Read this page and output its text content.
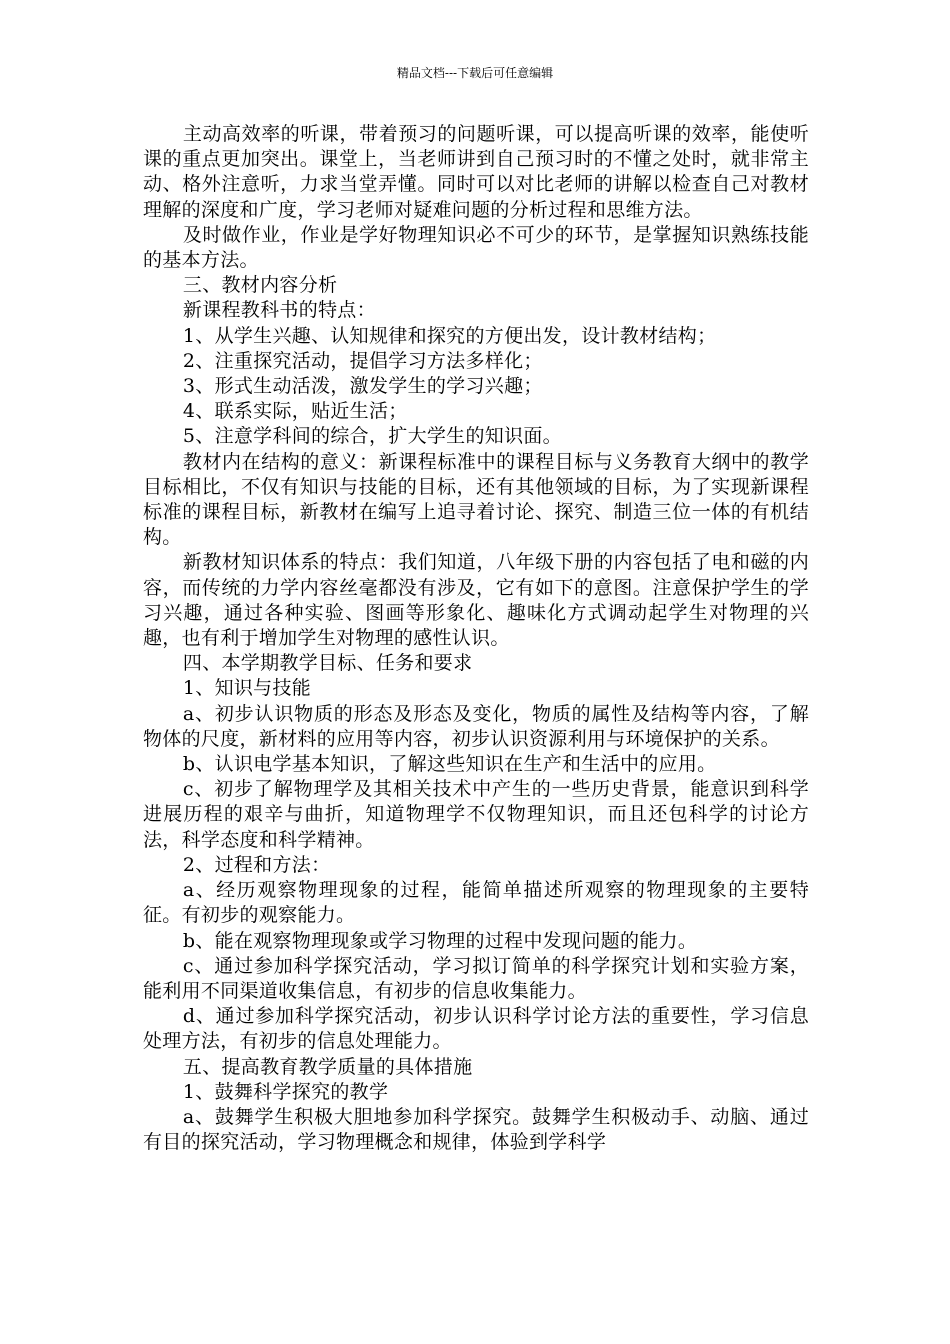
精品文档---下载后可任意编辑

主动高效率的听课，带着预习的问题听课，可以提高听课的效率，能使听课的重点更加突出。课堂上，当老师讲到自己预习时的不懂之处时，就非常主动、格外注意听，力求当堂弄懂。同时可以对比老师的讲解以检查自己对教材理解的深度和广度，学习老师对疑难问题的分析过程和思维方法。

及时做作业，作业是学好物理知识必不可少的环节，是掌握知识熟练技能的基本方法。

三、教材内容分析

新课程教科书的特点：

1、从学生兴趣、认知规律和探究的方便出发，设计教材结构；

2、注重探究活动，提倡学习方法多样化；

3、形式生动活泼，激发学生的学习兴趣；

4、联系实际，贴近生活；

5、注意学科间的综合，扩大学生的知识面。

教材内在结构的意义：新课程标准中的课程目标与义务教育大纲中的教学目标相比，不仅有知识与技能的目标，还有其他领域的目标，为了实现新课程标准的课程目标，新教材在编写上追寻着讨论、探究、制造三位一体的有机结构。

新教材知识体系的特点：我们知道，八年级下册的内容包括了电和磁的内容，而传统的力学内容丝毫都没有涉及，它有如下的意图。注意保护学生的学习兴趣，通过各种实验、图画等形象化、趣味化方式调动起学生对物理的兴趣，也有利于增加学生对物理的感性认识。

四、本学期教学目标、任务和要求

1、知识与技能

a、初步认识物质的形态及形态及变化，物质的属性及结构等内容，了解物体的尺度，新材料的应用等内容，初步认识资源利用与环境保护的关系。

b、认识电学基本知识，了解这些知识在生产和生活中的应用。

c、初步了解物理学及其相关技术中产生的一些历史背景，能意识到科学进展历程的艰辛与曲折，知道物理学不仅物理知识，而且还包科学的讨论方法，科学态度和科学精神。

2、过程和方法：

a、经历观察物理现象的过程，能简单描述所观察的物理现象的主要特征。有初步的观察能力。

b、能在观察物理现象或学习物理的过程中发现问题的能力。

c、通过参加科学探究活动，学习拟订简单的科学探究计划和实验方案，能利用不同渠道收集信息，有初步的信息收集能力。

d、通过参加科学探究活动，初步认识科学讨论方法的重要性，学习信息处理方法，有初步的信息处理能力。

五、提高教育教学质量的具体措施

1、鼓舞科学探究的教学

a、鼓舞学生积极大胆地参加科学探究。鼓舞学生积极动手、动脑、通过有目的探究活动，学习物理概念和规律，体验到学科学
